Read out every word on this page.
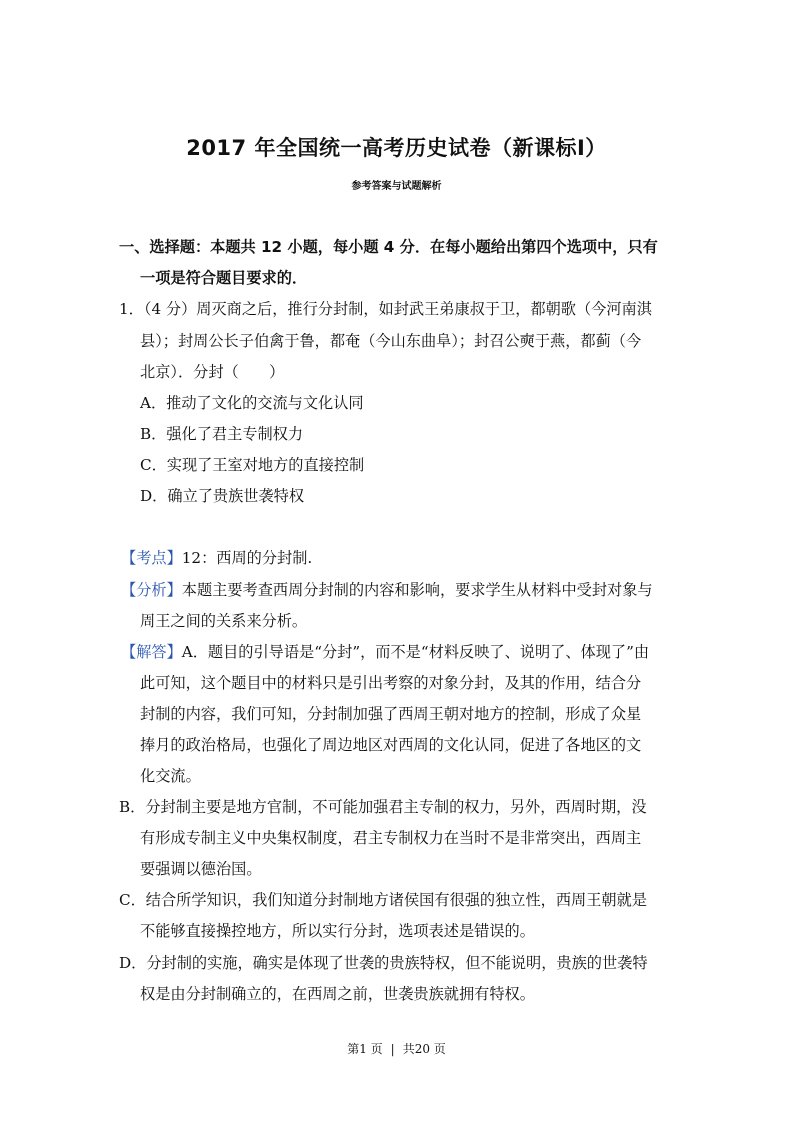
2017 年全国统一高考历史试卷（新课标Ⅰ）
参考答案与试题解析
一、选择题：本题共 12 小题，每小题 4 分．在每小题给出第四个选项中，只有
一项是符合题目要求的．
1．（4 分）周灭商之后，推行分封制，如封武王弟康叔于卫，都朝歌（今河南淇
县）；封周公长子伯禽于鲁，都奄（今山东曲阜）；封召公奭于燕，都蓟（今
北京）．分封（　　）
A．推动了文化的交流与文化认同
B．强化了君主专制权力
C．实现了王室对地方的直接控制
D．确立了贵族世袭特权
【考点】12：西周的分封制.
【分析】本题主要考查西周分封制的内容和影响，要求学生从材料中受封对象与
周王之间的关系来分析。
【解答】A．题目的引导语是“分封”，而不是“材料反映了、说明了、体现了”由
此可知，这个题目中的材料只是引出考察的对象分封，及其的作用，结合分
封制的内容，我们可知，分封制加强了西周王朝对地方的控制，形成了众星
捧月的政治格局，也强化了周边地区对西周的文化认同，促进了各地区的文
化交流。
B．分封制主要是地方官制，不可能加强君主专制的权力，另外，西周时期，没
有形成专制主义中央集权制度，君主专制权力在当时不是非常突出，西周主
要强调以德治国。
C．结合所学知识，我们知道分封制地方诸侯国有很强的独立性，西周王朝就是
不能够直接操控地方，所以实行分封，选项表述是错误的。
D．分封制的实施，确实是体现了世袭的贵族特权，但不能说明，贵族的世袭特
权是由分封制确立的，在西周之前，世袭贵族就拥有特权。
第1 页 | 共20 页
